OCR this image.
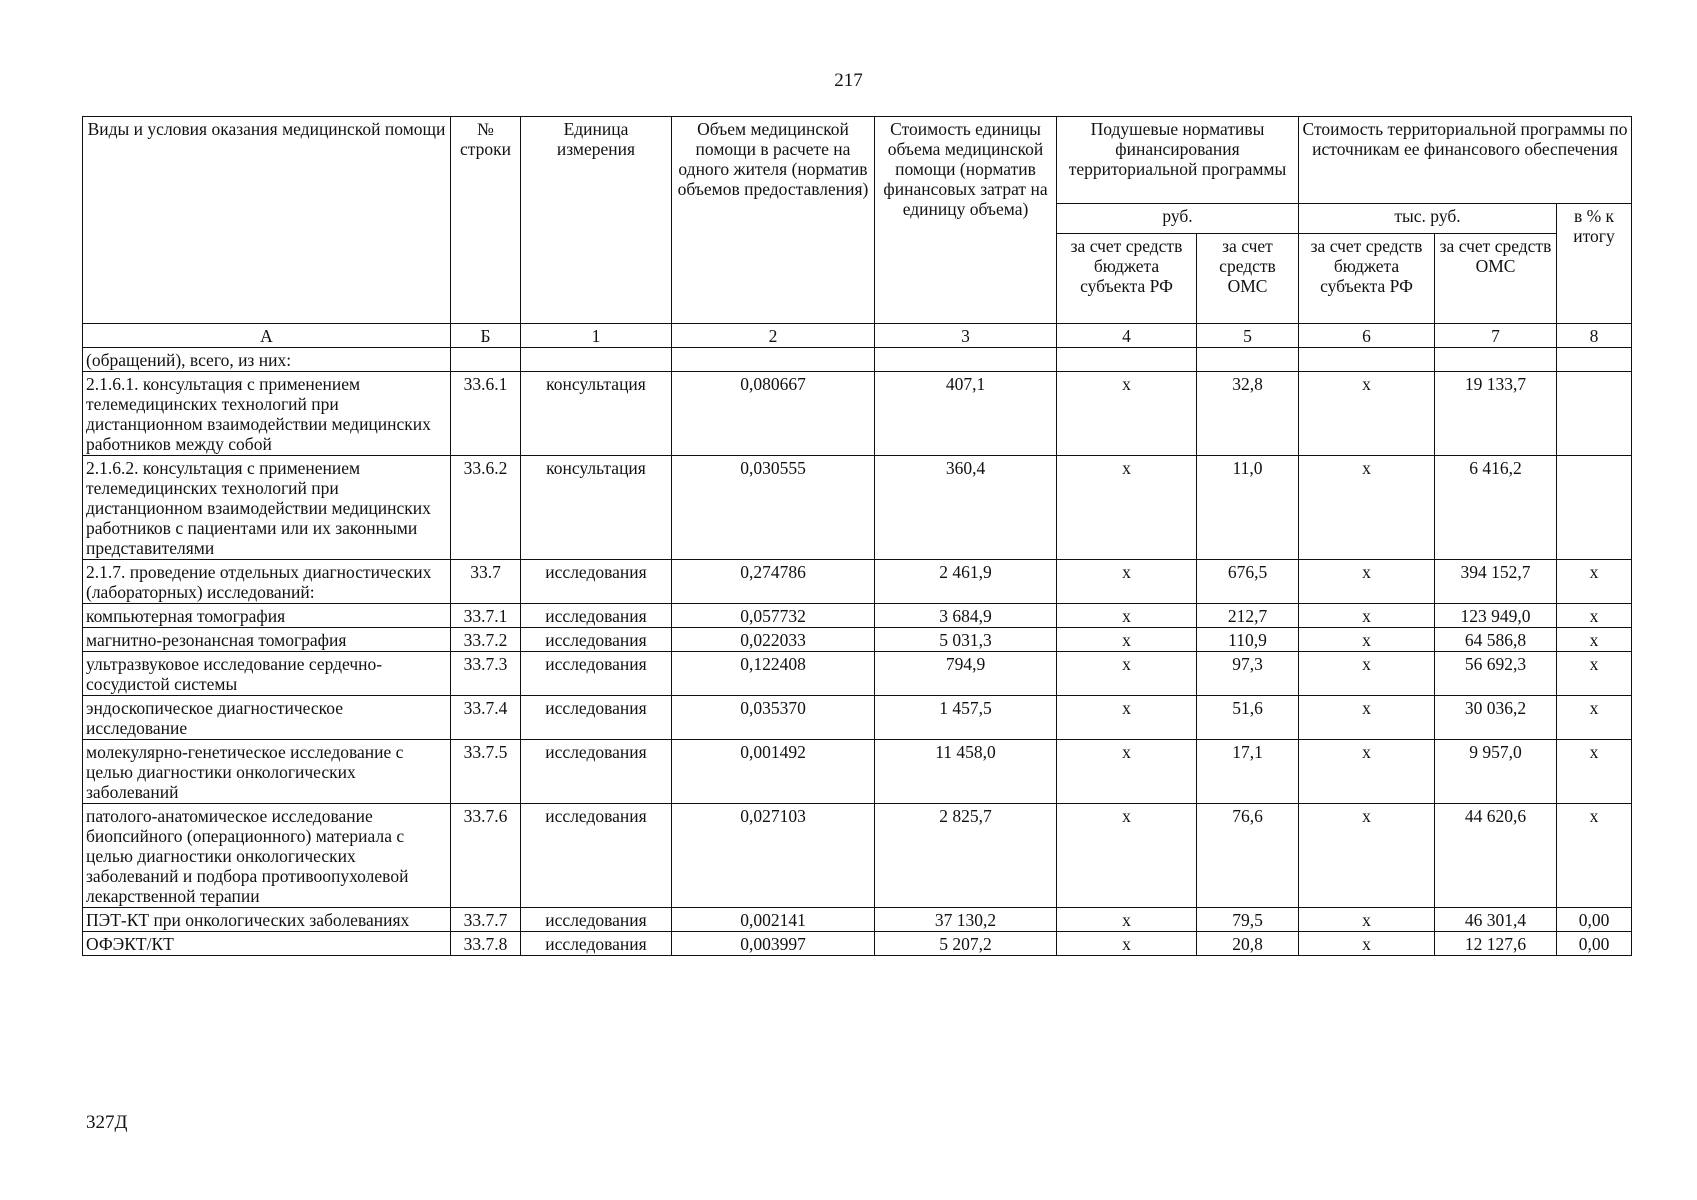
217
Виды и условия оказания медицинской помощи	№ строки	Единица измерения	Объем медицинской помощи в расчете на одного жителя (норматив объемов предоставления)	Стоимость единицы объема медицинской помощи (норматив финансовых затрат на единицу объема)	Подушевые нормативы финансирования территориальной программы		Стоимость территориальной программы по источникам ее финансового обеспечения		
					руб.		тыс. руб.		в % к итогу
					за счет средств бюджета субъекта РФ	за счет средств ОМС	за счет средств бюджета субъекта РФ	за счет средств ОМС	
А	Б	1	2	3	4	5	6	7	8
(обращений), всего, из них:									
2.1.6.1. консультация с применением телемедицинских технологий при дистанционном взаимодействии медицинских работников между собой	33.6.1	консультация	0,080667	407,1	х	32,8	х	19 133,7	
2.1.6.2. консультация с применением телемедицинских технологий при дистанционном взаимодействии медицинских работников с пациентами или их законными представителями	33.6.2	консультация	0,030555	360,4	х	11,0	х	6 416,2	
2.1.7. проведение отдельных диагностических (лабораторных) исследований:	33.7	исследования	0,274786	2 461,9	х	676,5	х	394 152,7	х
компьютерная томография	33.7.1	исследования	0,057732	3 684,9	х	212,7	х	123 949,0	х
магнитно-резонансная томография	33.7.2	исследования	0,022033	5 031,3	х	110,9	х	64 586,8	х
ультразвуковое исследование сердечно-сосудистой системы	33.7.3	исследования	0,122408	794,9	х	97,3	х	56 692,3	х
эндоскопическое диагностическое исследование	33.7.4	исследования	0,035370	1 457,5	х	51,6	х	30 036,2	х
молекулярно-генетическое исследование с целью диагностики онкологических заболеваний	33.7.5	исследования	0,001492	11 458,0	х	17,1	х	9 957,0	х
патолого-анатомическое исследование биопсийного (операционного) материала с целью диагностики онкологических заболеваний и подбора противоопухолевой лекарственной терапии	33.7.6	исследования	0,027103	2 825,7	х	76,6	х	44 620,6	х
ПЭТ-КТ при онкологических заболеваниях	33.7.7	исследования	0,002141	37 130,2	х	79,5	х	46 301,4	0,00
ОФЭКТ/КТ	33.7.8	исследования	0,003997	5 207,2	х	20,8	х	12 127,6	0,00
327Д
